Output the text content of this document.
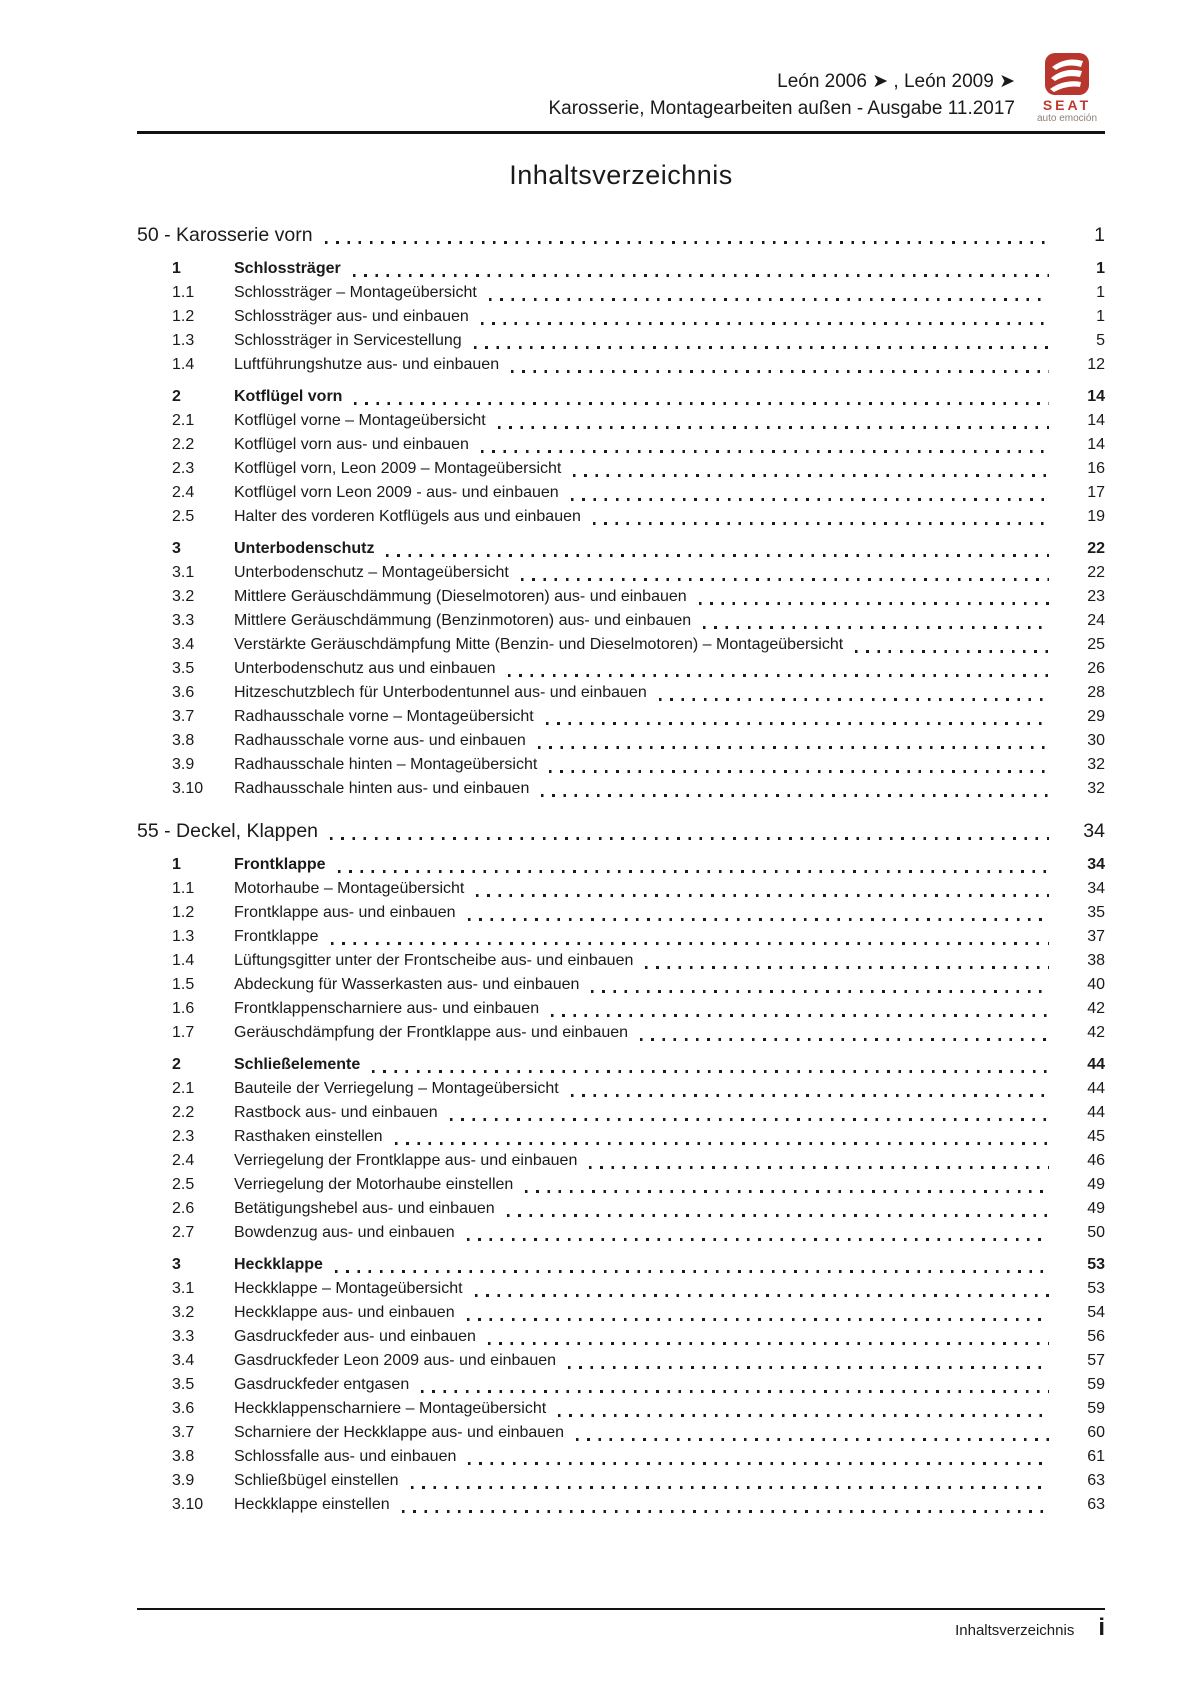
León 2006 ➤ , León 2009 ➤
Karosserie, Montagearbeiten außen - Ausgabe 11.2017	SEAT
auto emoción
Inhaltsverzeichnis
50 - Karosserie vorn	1
1	Schlossträger	1
1.1	Schlossträger – Montageübersicht	1
1.2	Schlossträger aus- und einbauen	1
1.3	Schlossträger in Servicestellung	5
1.4	Luftführungshutze aus- und einbauen	12
2	Kotflügel vorn	14
2.1	Kotflügel vorne – Montageübersicht	14
2.2	Kotflügel vorn aus- und einbauen	14
2.3	Kotflügel vorn, Leon 2009 – Montageübersicht	16
2.4	Kotflügel vorn Leon 2009 - aus- und einbauen	17
2.5	Halter des vorderen Kotflügels aus und einbauen	19
3	Unterbodenschutz	22
3.1	Unterbodenschutz – Montageübersicht	22
3.2	Mittlere Geräuschdämmung (Dieselmotoren) aus- und einbauen	23
3.3	Mittlere Geräuschdämmung (Benzinmotoren) aus- und einbauen	24
3.4	Verstärkte Geräuschdämpfung Mitte (Benzin- und Dieselmotoren) – Montageübersicht	25
3.5	Unterbodenschutz aus und einbauen	26
3.6	Hitzeschutzblech für Unterbodentunnel aus- und einbauen	28
3.7	Radhausschale vorne – Montageübersicht	29
3.8	Radhausschale vorne aus- und einbauen	30
3.9	Radhausschale hinten – Montageübersicht	32
3.10	Radhausschale hinten aus- und einbauen	32
55 - Deckel, Klappen	34
1	Frontklappe	34
1.1	Motorhaube – Montageübersicht	34
1.2	Frontklappe aus- und einbauen	35
1.3	Frontklappe	37
1.4	Lüftungsgitter unter der Frontscheibe aus- und einbauen	38
1.5	Abdeckung für Wasserkasten aus- und einbauen	40
1.6	Frontklappenscharniere aus- und einbauen	42
1.7	Geräuschdämpfung der Frontklappe aus- und einbauen	42
2	Schließelemente	44
2.1	Bauteile der Verriegelung – Montageübersicht	44
2.2	Rastbock aus- und einbauen	44
2.3	Rasthaken einstellen	45
2.4	Verriegelung der Frontklappe aus- und einbauen	46
2.5	Verriegelung der Motorhaube einstellen	49
2.6	Betätigungshebel aus- und einbauen	49
2.7	Bowdenzug aus- und einbauen	50
3	Heckklappe	53
3.1	Heckklappe – Montageübersicht	53
3.2	Heckklappe aus- und einbauen	54
3.3	Gasdruckfeder aus- und einbauen	56
3.4	Gasdruckfeder Leon 2009 aus- und einbauen	57
3.5	Gasdruckfeder entgasen	59
3.6	Heckklappenscharniere – Montageübersicht	59
3.7	Scharniere der Heckklappe aus- und einbauen	60
3.8	Schlossfalle aus- und einbauen	61
3.9	Schließbügel einstellen	63
3.10	Heckklappe einstellen	63
Inhaltsverzeichnis i
